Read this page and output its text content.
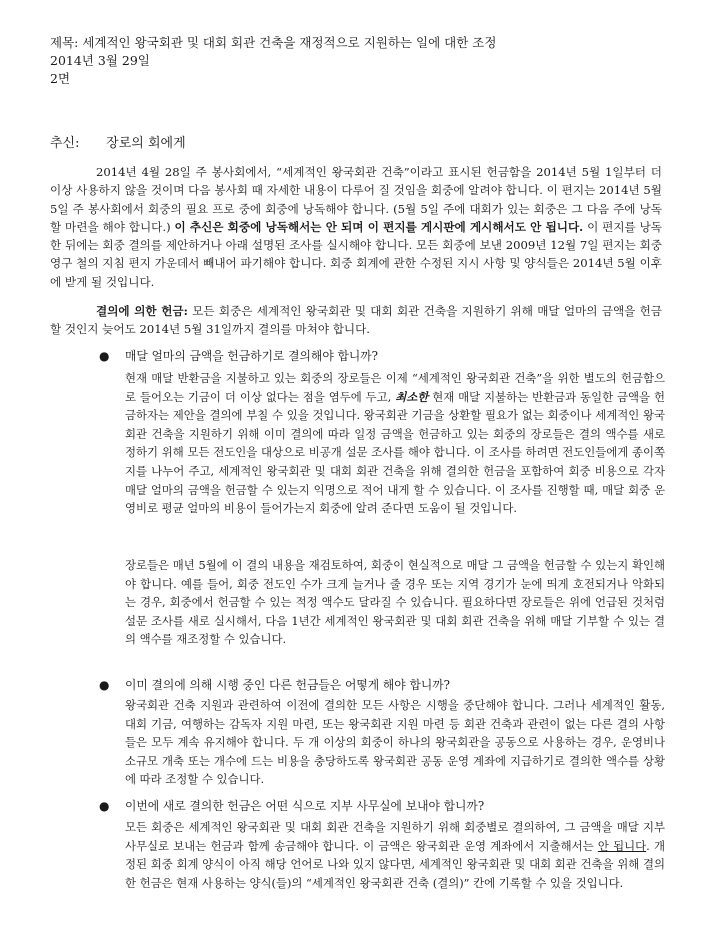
제목: 세계적인 왕국회관 및 대회 회관 건축을 재정적으로 지원하는 일에 대한 조정
2014년 3월 29일
2면
추신: 장로의 회에게

2014년 4월 28일 주 봉사회에서, “세계적인 왕국회관 건축”이라고 표시된 헌금함을 2014년 5월 1일부터 더 이상 사용하지 않을 것이며 다음 봉사회 때 자세한 내용이 다루어 질 것임을 회중에 알려야 합니다. 이 편지는 2014년 5월 5일 주 봉사회에서 회중의 필요 프로 중에 회중에 낭독해야 합니다. (5월 5일 주에 대회가 있는 회중은 그 다음 주에 낭독할 마련을 해야 합니다.) 이 추신은 회중에 낭독해서는 안 되며 이 편지를 게시판에 게시해서도 안 됩니다. 이 편지를 낭독한 뒤에는 회중 결의를 제안하거나 아래 설명된 조사를 실시해야 합니다. 모든 회중에 보낸 2009년 12월 7일 편지는 회중 영구 철의 지침 편지 가운데서 빼내어 파기해야 합니다. 회중 회계에 관한 수정된 지시 사항 및 양식들은 2014년 5월 이후에 받게 될 것입니다.

결의에 의한 헌금: 모든 회중은 세계적인 왕국회관 및 대회 회관 건축을 지원하기 위해 매달 얼마의 금액을 헌금할 것인지 늦어도 2014년 5월 31일까지 결의를 마쳐야 합니다.

● 매달 얼마의 금액을 헌금하기로 결의해야 합니까?

현재 매달 반환금을 지불하고 있는 회중의 장로들은 이제 “세계적인 왕국회관 건축”을 위한 별도의 헌금함으로 들어오는 기금이 더 이상 없다는 점을 염두에 두고, 최소한 현재 매달 지불하는 반환금과 동일한 금액을 헌금하자는 제안을 결의에 부칠 수 있을 것입니다. 왕국회관 기금을 상환할 필요가 없는 회중이나 세계적인 왕국회관 건축을 지원하기 위해 이미 결의에 따라 일정 금액을 헌금하고 있는 회중의 장로들은 결의 액수를 새로 정하기 위해 모든 전도인을 대상으로 비공개 설문 조사를 해야 합니다. 이 조사를 하려면 전도인들에게 종이쪽지를 나누어 주고, 세계적인 왕국회관 및 대회 회관 건축을 위해 결의한 헌금을 포함하여 회중 비용으로 각자 매달 얼마의 금액을 헌금할 수 있는지 익명으로 적어 내게 할 수 있습니다. 이 조사를 진행할 때, 매달 회중 운영비로 평균 얼마의 비용이 들어가는지 회중에 알려 준다면 도움이 될 것입니다.

장로들은 매년 5월에 이 결의 내용을 재검토하여, 회중이 현실적으로 매달 그 금액을 헌금할 수 있는지 확인해야 합니다. 예를 들어, 회중 전도인 수가 크게 늘거나 줄 경우 또는 지역 경기가 눈에 띄게 호전되거나 악화되는 경우, 회중에서 헌금할 수 있는 적정 액수도 달라질 수 있습니다. 필요하다면 장로들은 위에 언급된 것처럼 설문 조사를 새로 실시해서, 다음 1년간 세계적인 왕국회관 및 대회 회관 건축을 위해 매달 기부할 수 있는 결의 액수를 재조정할 수 있습니다.

● 이미 결의에 의해 시행 중인 다른 헌금들은 어떻게 해야 합니까?

왕국회관 건축 지원과 관련하여 이전에 결의한 모든 사항은 시행을 중단해야 합니다. 그러나 세계적인 활동, 대회 기금, 여행하는 감독자 지원 마련, 또는 왕국회관 지원 마련 등 회관 건축과 관련이 없는 다른 결의 사항들은 모두 계속 유지해야 합니다. 두 개 이상의 회중이 하나의 왕국회관을 공동으로 사용하는 경우, 운영비나 소규모 개축 또는 개수에 드는 비용을 충당하도록 왕국회관 공동 운영 계좌에 지급하기로 결의한 액수를 상황에 따라 조정할 수 있습니다.

● 이번에 새로 결의한 헌금은 어떤 식으로 지부 사무실에 보내야 합니까?

모든 회중은 세계적인 왕국회관 및 대회 회관 건축을 지원하기 위해 회중별로 결의하여, 그 금액을 매달 지부 사무실로 보내는 헌금과 함께 송금해야 합니다. 이 금액은 왕국회관 운영 계좌에서 지출해서는 안 됩니다. 개정된 회중 회계 양식이 아직 해당 언어로 나와 있지 않다면, 세계적인 왕국회관 및 대회 회관 건축을 위해 결의한 헌금은 현재 사용하는 양식(들)의 “세계적인 왕국회관 건축 (결의)” 칸에 기록할 수 있을 것입니다.
